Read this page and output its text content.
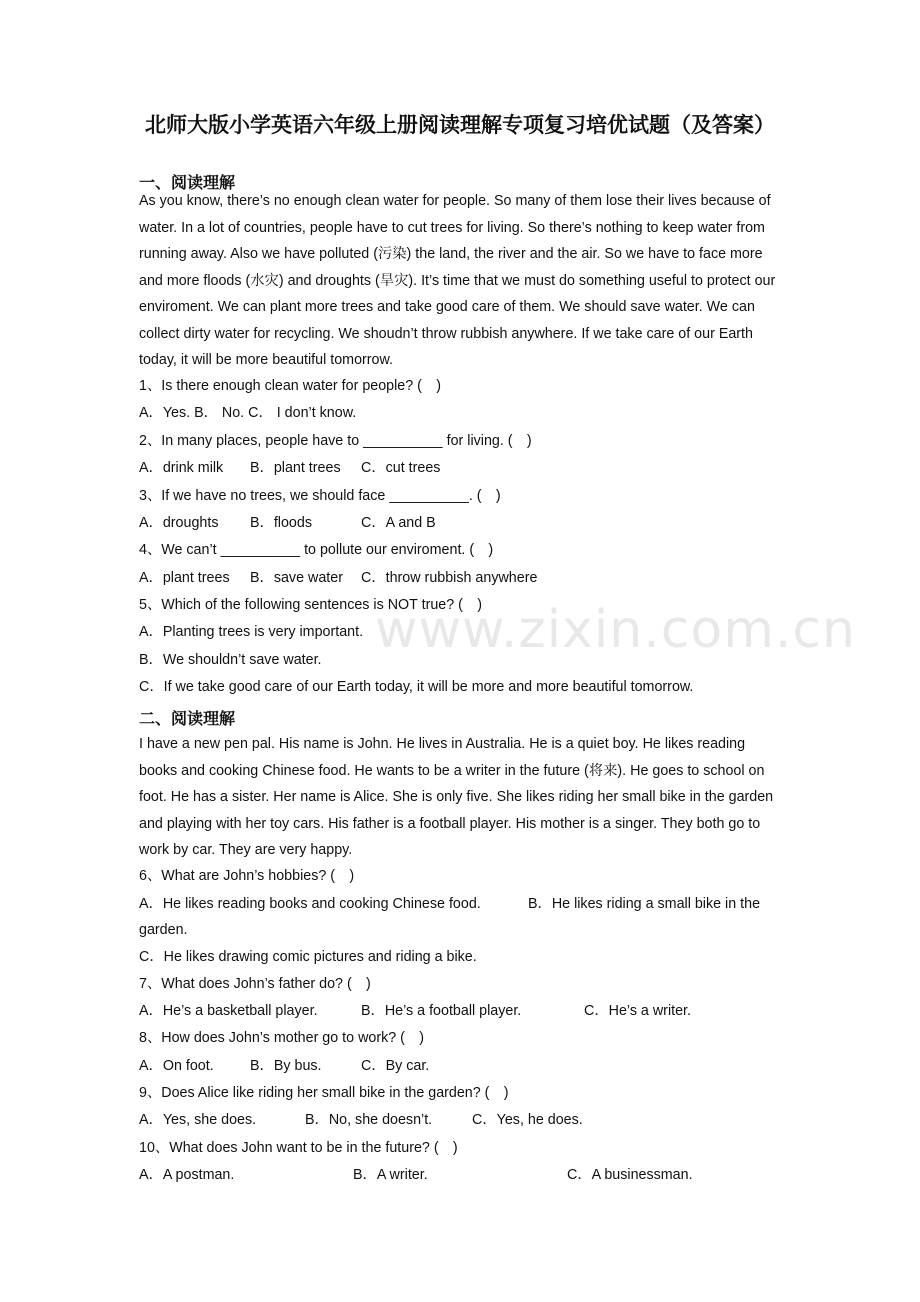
北师大版小学英语六年级上册阅读理解专项复习培优试题（及答案）
一、阅读理解
As you know, there’s no enough clean water for people. So many of them lose their lives because of water. In a lot of countries, people have to cut trees for living. So there’s nothing to keep water from running away. Also we have polluted (污染) the land, the river and the air. So we have to face more and more floods (水灾) and droughts (旱灾). It’s time that we must do something useful to protect our enviroment. We can plant more trees and take good care of them. We should save water. We can collect dirty water for recycling. We shoudn’t throw rubbish anywhere. If we take care of our Earth today, it will be more beautiful tomorrow.
1、Is there enough clean water for people? (　)
A．Yes. B． No. C． I don’t know.
2、In many places, people have to __________ for living. (　)
A．drink milk B．plant trees C．cut trees
3、If we have no trees, we should face __________. (　)
A．droughts B．floods	C．A and B
4、We can’t __________ to pollute our enviroment. (　)
A．plant trees B．save water C．throw rubbish anywhere
5、Which of the following sentences is NOT true? (　)
A．Planting trees is very important.
B．We shouldn’t save water.
C．If we take good care of our Earth today, it will be more and more beautiful tomorrow.
二、阅读理解
I have a new pen pal. His name is John. He lives in Australia. He is a quiet boy. He likes reading books and cooking Chinese food. He wants to be a writer in the future (将来). He goes to school on foot. He has a sister. Her name is Alice. She is only five. She likes riding her small bike in the garden and playing with her toy cars. His father is a football player. His mother is a singer. They both go to work by car. They are very happy.
6、What are John’s hobbies? (　)
A．He likes reading books and cooking Chinese food.	B．He likes riding a small bike in the
garden.
C．He likes drawing comic pictures and riding a bike.
7、What does John’s father do? (　)
A．He’s a basketball player.	B．He’s a football player.	C．He’s a writer.
8、How does John’s mother go to work? (　)
A．On foot.	B．By bus.	C．By car.
9、Does Alice like riding her small bike in the garden? (　)
A．Yes, she does.	B．No, she doesn’t.	C．Yes, he does.
10、What does John want to be in the future? (　)
A．A postman.	B．A writer.	C．A businessman.
www.zixin.com.cn
